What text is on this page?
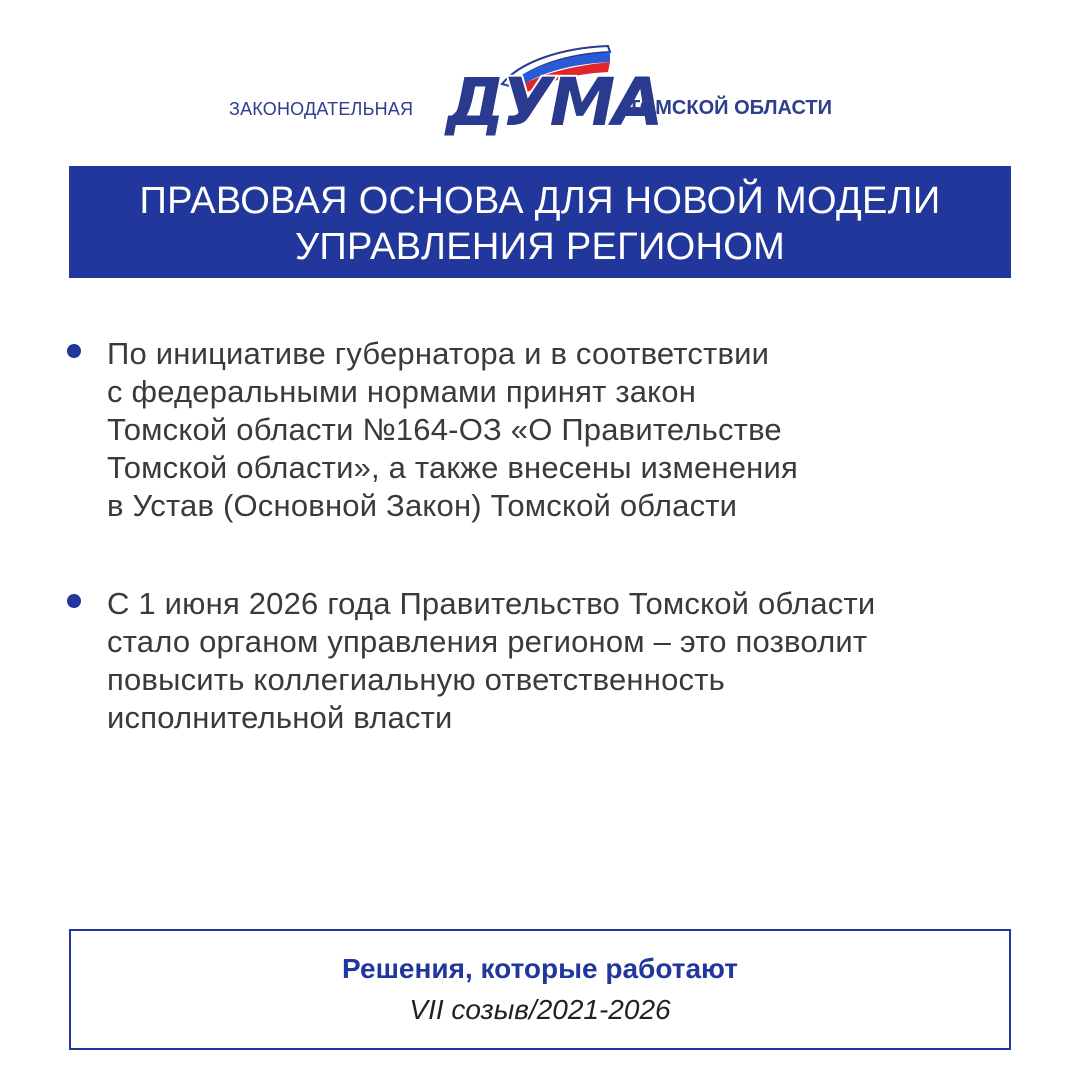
ЗАКОНОДАТЕЛЬНАЯ ДУМА
ТОМСКОЙ ОБЛАСТИ
ПРАВОВАЯ ОСНОВА ДЛЯ НОВОЙ МОДЕЛИ
УПРАВЛЕНИЯ РЕГИОНОМ
По инициативе губернатора и в соответствии
с федеральными нормами принят закон
Томской области №164-ОЗ «О Правительстве
Томской области», а также внесены изменения
в Устав (Основной Закон) Томской области
С 1 июня 2026 года Правительство Томской области
стало органом управления регионом – это позволит
повысить коллегиальную ответственность
исполнительной власти
Решения, которые работают
VII созыв/2021-2026
